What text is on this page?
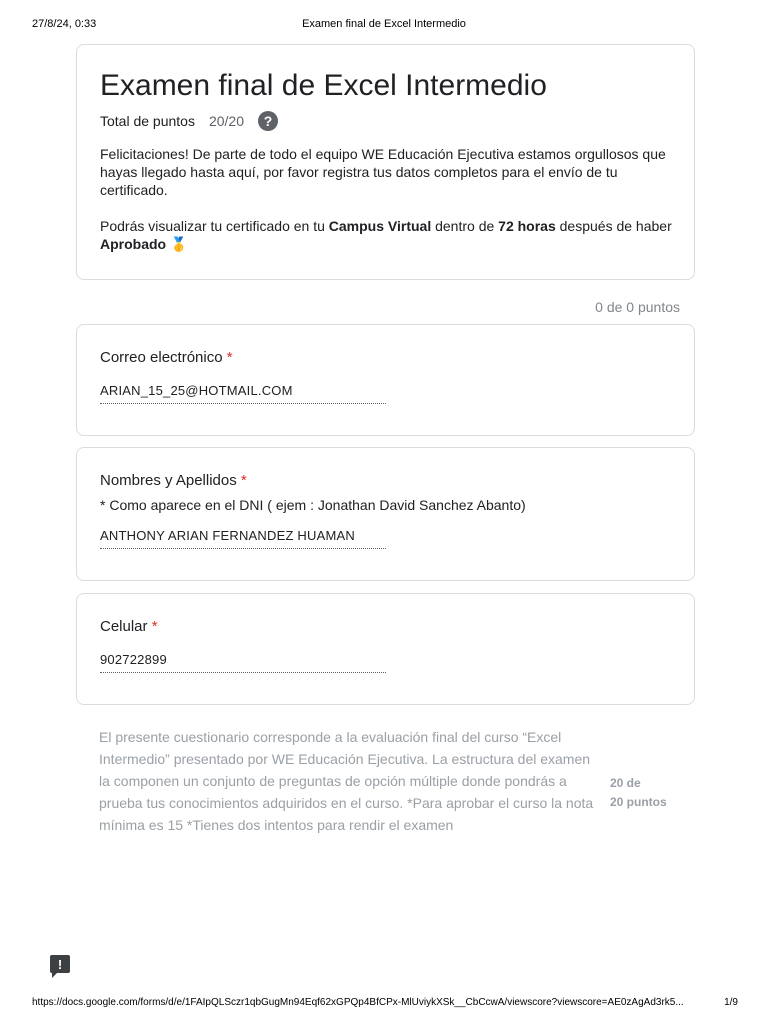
27/8/24, 0:33	Examen final de Excel Intermedio
Examen final de Excel Intermedio
Total de puntos 20/20	?

Felicitaciones! De parte de todo el equipo WE Educación Ejecutiva estamos orgullosos que hayas llegado hasta aquí, por favor registra tus datos completos para el envío de tu certificado.

Podrás visualizar tu certificado en tu Campus Virtual dentro de 72 horas después de haber Aprobado 🥇

0 de 0 puntos
Correo electrónico *
ARIAN_15_25@HOTMAIL.COM
Nombres y Apellidos *
* Como aparece en el DNI ( ejem : Jonathan David Sanchez Abanto)
ANTHONY ARIAN FERNANDEZ HUAMAN
Celular *
902722899
El presente cuestionario corresponde a la evaluación final del curso “Excel Intermedio” presentado por WE Educación Ejecutiva. La estructura del examen la componen un conjunto de preguntas de opción múltiple donde pondrás a prueba tus conocimientos adquiridos en el curso. *Para aprobar el curso la nota mínima es 15 *Tienes dos intentos para rendir el examen
20 de
20 puntos
!
https://docs.google.com/forms/d/e/1FAIpQLSczr1qbGugMn94Eqf62xGPQp4BfCPx-MlUviykXSk__CbCcwA/viewscore?viewscore=AE0zAgAd3rk5...	1/9
